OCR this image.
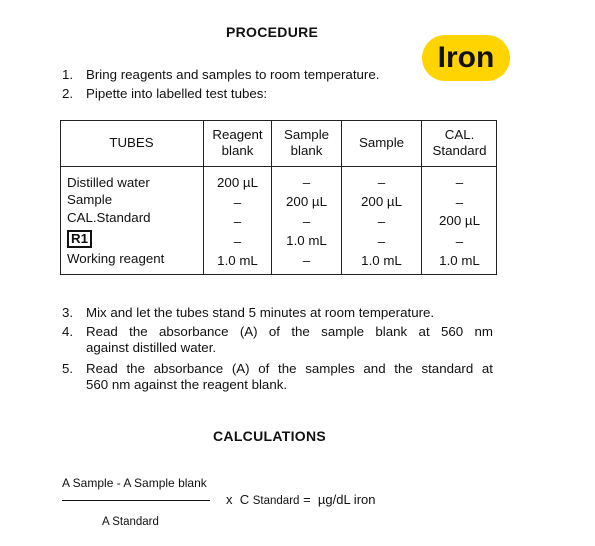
PROCEDURE
Iron
1. Bring reagents and samples to room temperature.
2. Pipette into labelled test tubes:
TUBES
Reagent
blank
Sample
blank
Sample
CAL.
Standard
Distilled water
Sample
CAL.Standard
R1
Working reagent
200 µL
–
–
–
1.0 mL
–
200 µL
–
1.0 mL
–
–
200 µL
–
–
1.0 mL
–
–
200 µL
–
1.0 mL
3. Mix and let the tubes stand 5 minutes at room temperature.
4. Read the absorbance (A) of the sample blank at 560 nm
against distilled water.
5. Read the absorbance (A) of the samples and the standard at
560 nm against the reagent blank.
CALCULATIONS
A Sample - A Sample blank
A Standard
x C Standard = µg/dL iron
